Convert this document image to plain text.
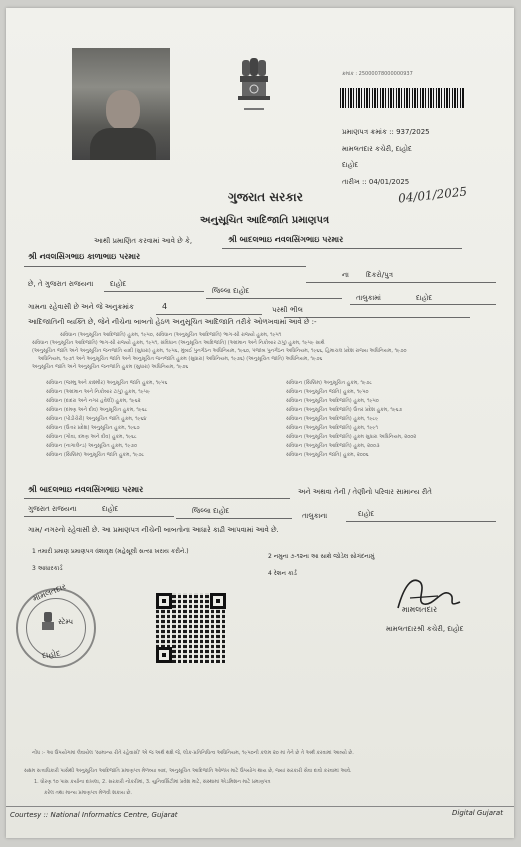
ક્રમાંક : 25000078000000937
પ્રમાણપત્ર ક્રમાંક :: 937/2025
મામલતદાર કચેરી, દાહોદ
દાહોદ
તારીખ :: 04/01/2025
04/01/2025
ગુજરાત સરકાર
અનુસૂચિત આદિજાતિ પ્રમાણપત્ર
આથી પ્રમાણિત કરવામાં આવે છે કે,	શ્રી બાદલભાઇ નવલસિંગભાઇ પરમાર
શ્રી નવલસિંગભાઇ કાળાભાઇ પરમાર
ના દિકરો/પુત્ર
છે, તે ગુજરાત રાજયના દાહોદ
જિલ્લા દાહોદ
તાલુકામાં	દાહોદ
ગામના રહેવાસી છે અને જે અનુક્રમાંક	4	પરથી ભીલ
આદિજાતિની વ્યક્તિ છે, જેને નીચેના બાબતો હેઠળ અનુસૂચિત આદિજાતિ તરીકે ઓળખવામાં આવે છે :-
સંવિધાન (અનુસૂચિત આદિજાતિ) હુકમ, ૧૯૫૦, સંવિધાન (અનુસૂચિત આદિજાતિ) ભાગ-સી રાજ્યો હુકમ, ૧૯૫૧
સંવિધાન (અનુસૂચિત આદિજાતિ) ભાગ-સી રાજ્યો હુકમ, ૧૯૫૧, સંવિધાન (અનુસૂચિત આદિજાતિ) (અંદમાન અને નિકોબાર ટાપુ) હુકમ, ૧૯૫૯ સાથે
(અનુસૂચિત જાતિ અને અનુસૂચિત જનજાતિ યાદી (સુધારા) હુકમ, ૧૯૫૬, મુંબઈ પુનર્ગઠન અધિનિયમ, ૧૯૬૦, પંજાબ પુનર્ગઠન અધિનિયમ, ૧૯૬૬, હિમાચલ પ્રદેશ રાજ્ય અધિનિયમ, ૧૯૭૦
અધિનિયમ, ૧૯૭૧ અને અનુસૂચિત જાતિ અને અનુસૂચિત જનજાતિ હુકમ (સુધારા) અધિનિયમ, ૧૯૭૬) (અનુસૂચિત જાતિ) અધિનિયમ, ૧૯૭૬
અનુસૂચિત જાતિ અને અનુસૂચિત જનજાતિ હુકમ (સુધારા) અધિનિયમ, ૧૯૭૬
સંવિધાન (જમ્મુ અને કાશ્મીર) અનુસૂચિત જાતિ હુકમ, ૧૯૫૬
સંવિધાન (અંદમાન અને નિકોબાર ટાપુ) હુકમ, ૧૯૫૯
સંવિધાન (દાદરા અને નગર હવેલી) હુકમ, ૧૯૬૨
સંવિધાન (દમણ અને દીવ) અનુસૂચિત હુકમ, ૧૯૬૮
સંવિધાન (પોંડીચેરી) અનુસૂચિત જાતિ હુકમ, ૧૯૬૪
સંવિધાન (ઉત્તર પ્રદેશ) અનુસૂચિત હુકમ, ૧૯૬૭
સંવિધાન (ગોવા, દમણ અને દીવ) હુકમ, ૧૯૬૮
સંવિધાન (નાગાલેન્ડ) અનુસૂચિત હુકમ, ૧૯૭૦
સંવિધાન (સિક્કિમ) અનુસૂચિત જાતિ હુકમ, ૧૯૭૮
સંવિધાન (સિક્કિમ) અનુસૂચિત હુકમ, ૧૯૭૮
સંવિધાન (અનુસૂચિત જાતિ) હુકમ, ૧૯૫૦
સંવિધાન (અનુસૂચિત આદિજાતિ) હુકમ, ૧૯૫૦
સંવિધાન (અનુસૂચિત આદિજાતિ) ઉત્તર પ્રદેશ હુકમ, ૧૯૬૭
સંવિધાન (અનુસૂચિત આદિજાતિ) હુકમ, ૧૯૮૯
સંવિધાન (અનુસૂચિત આદિજાતિ) હુકમ, ૧૯૯૧
સંવિધાન (અનુસૂચિત આદિજાતિ) હુકમ સુધારા અધિનિયમ, ૨૦૦૨
સંવિધાન (અનુસૂચિત આદિજાતિ) હુકમ, ૨૦૦૩
સંવિધાન (અનુસૂચિત જાતિ) હુકમ, ૨૦૦૬
શ્રી બાદલભાઇ નવલસિંગભાઇ પરમાર	અને અથવા તેની / તેણીનો પરિવાર સામાન્ય રીતે
ગુજરાત રાજયના	દાહોદ	જિલ્લા દાહોદ
તાલુકાના	દાહોદ
ગામ/ નગરનો રહેવાસી છે. આ પ્રમાણપત્ર નીચેની બાબતોના આધારે કાઢી આપવામાં આવે છે.
1 તમારી પ્રમાણ પ્રમાણપત્ર વંશાવૃક્ષ (મહેસૂલી સત્યા ખરાય કરીને.)
2 નમુના ૭-૧૨ના આ સાથે જોડેલ સોગંદનામું
3 આધારકાર્ડ
4 રેશન કાર્ડ
મામલતદાર
સ્ટેમ્પ
દાહોદ
મામલતદાર
મામલતદારશ્રી કચેરી, દાહોદ
નોંધ :- આ ઉપયોગમાં લેવાયેલ 'સામાન્ય રીતે રહેવાસી' એ જ અર્થ થશે જે, લોક-પ્રતિનિધિત્વ અધિનિયમ, ૧૯૫૦ની કલમ ૨૦ માં તેને છે તે અર્થ કરવામાં આવ્યો છે.
સક્ષમ સત્તાધિકારી પાસેથી અનુસૂચિત આદિજાતિ પ્રમાણપત્ર મેળવ્યા બાદ, અનુસૂચિત આદિજાતિ ઓળખ માટે ઉપયોગ થાય છે, જ્યાં સરકારી સેવા દાવો કરવામાં આવે.
1. ધોરણ ૧૦ પાસ કર્યાના દાખલા, 2. સરકારી નોકરીમાં, 3. યુનિવર્સિટીમાં પ્રવેશ માટે, સંસ્થામાં એડમિશન માટે પ્રમાણપત્ર
કરેલ તથા માન્ય પ્રમાણપત્ર મેળવી શકાય છે.
Courtesy :: National Informatics Centre, Gujarat	Digital Gujarat
